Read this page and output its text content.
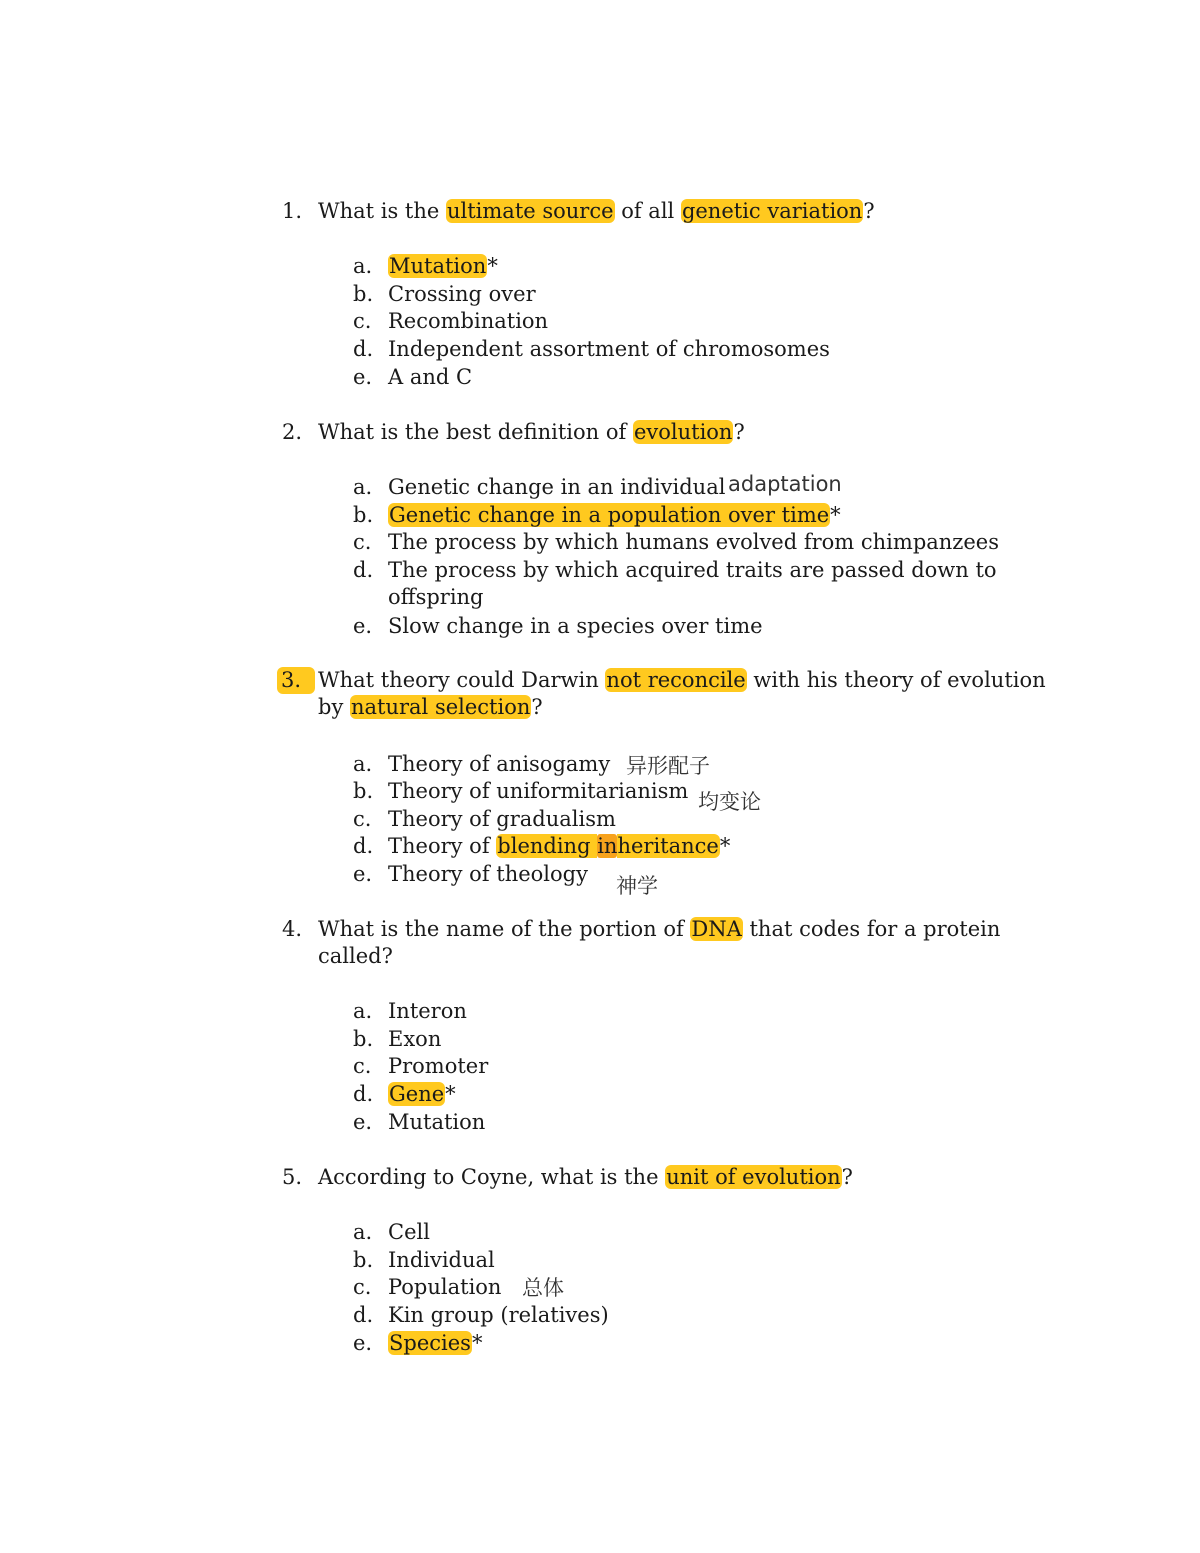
1. What is the ultimate source of all genetic variation?
a. Mutation*
b. Crossing over
c. Recombination
d. Independent assortment of chromosomes
e. A and C
2. What is the best definition of evolution?
a. Genetic change in an individual adaptation
b. Genetic change in a population over time*
c. The process by which humans evolved from chimpanzees
d. The process by which acquired traits are passed down to
offspring
e. Slow change in a species over time
3. What theory could Darwin not reconcile with his theory of evolution
by natural selection?
a. Theory of anisogamy 异形配子
b. Theory of uniformitarianism 均变论
c. Theory of gradualism
d. Theory of blending inheritance*
e. Theory of theology 神学
4. What is the name of the portion of DNA that codes for a protein
called?
a. Interon
b. Exon
c. Promoter
d. Gene*
e. Mutation
5. According to Coyne, what is the unit of evolution?
a. Cell
b. Individual
c. Population 总体
d. Kin group (relatives)
e. Species*
